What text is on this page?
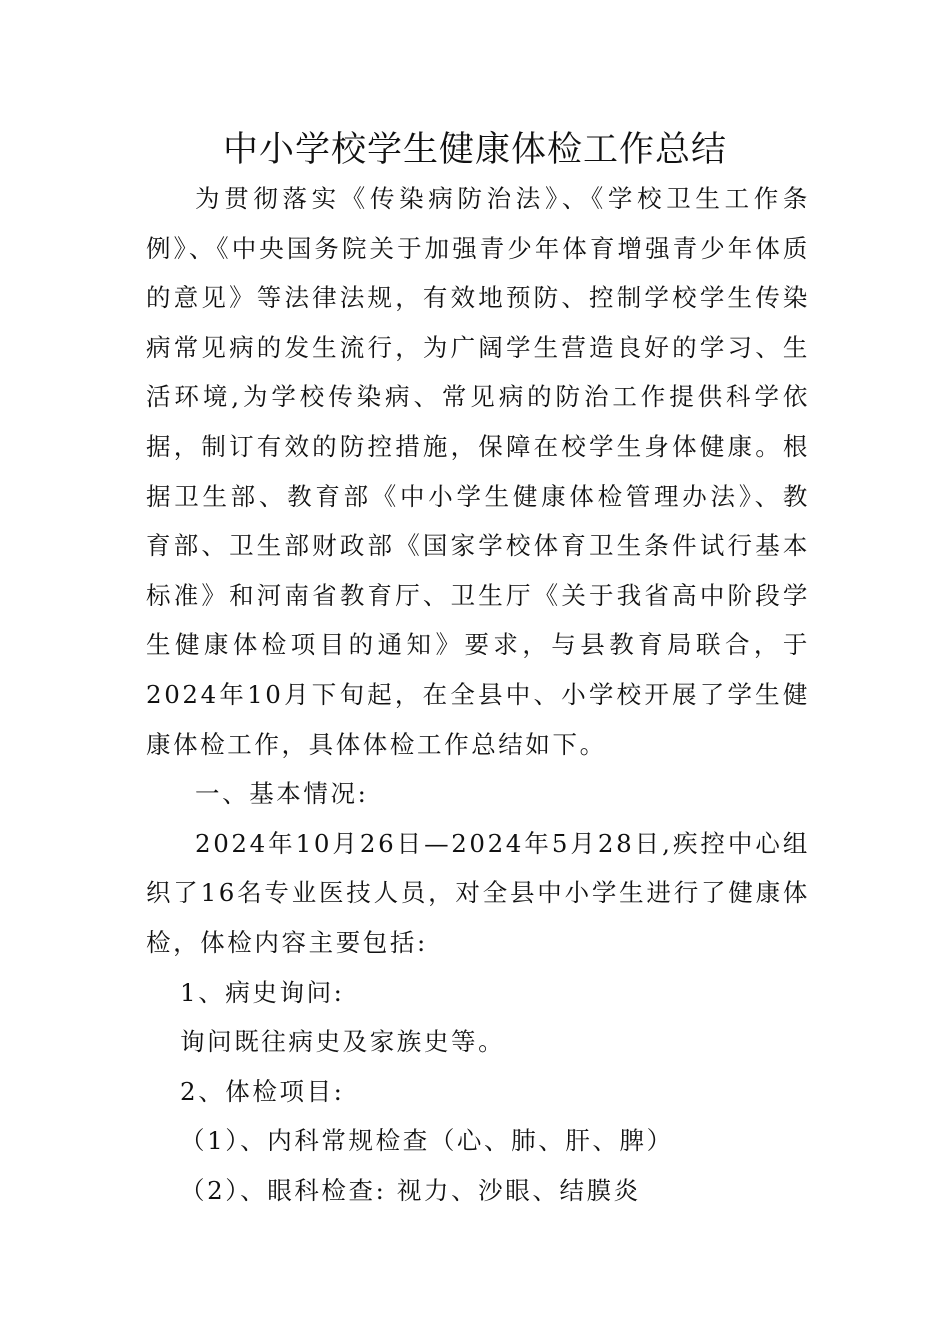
中小学校学生健康体检工作总结

为贯彻落实《传染病防治法》、《学校卫生工作条例》、《中央国务院关于加强青少年体育增强青少年体质的意见》等法律法规，有效地预防、控制学校学生传染病常见病的发生流行，为广阔学生营造良好的学习、生活环境,为学校传染病、常见病的防治工作提供科学依据，制订有效的防控措施，保障在校学生身体健康。根据卫生部、教育部《中小学生健康体检管理办法》、教育部、卫生部财政部《国家学校体育卫生条件试行基本标准》和河南省教育厅、卫生厅《关于我省高中阶段学生健康体检项目的通知》要求，与县教育局联合，于2024年10月下旬起，在全县中、小学校开展了学生健康体检工作，具体体检工作总结如下。

一、基本情况:

2024年10月26日—2024年5月28日,疾控中心组织了16名专业医技人员，对全县中小学生进行了健康体检，体检内容主要包括:

1、病史询问:

询问既往病史及家族史等。

2、体检项目:

（1）、内科常规检查（心、肺、肝、脾）

（2）、眼科检查: 视力、沙眼、结膜炎
